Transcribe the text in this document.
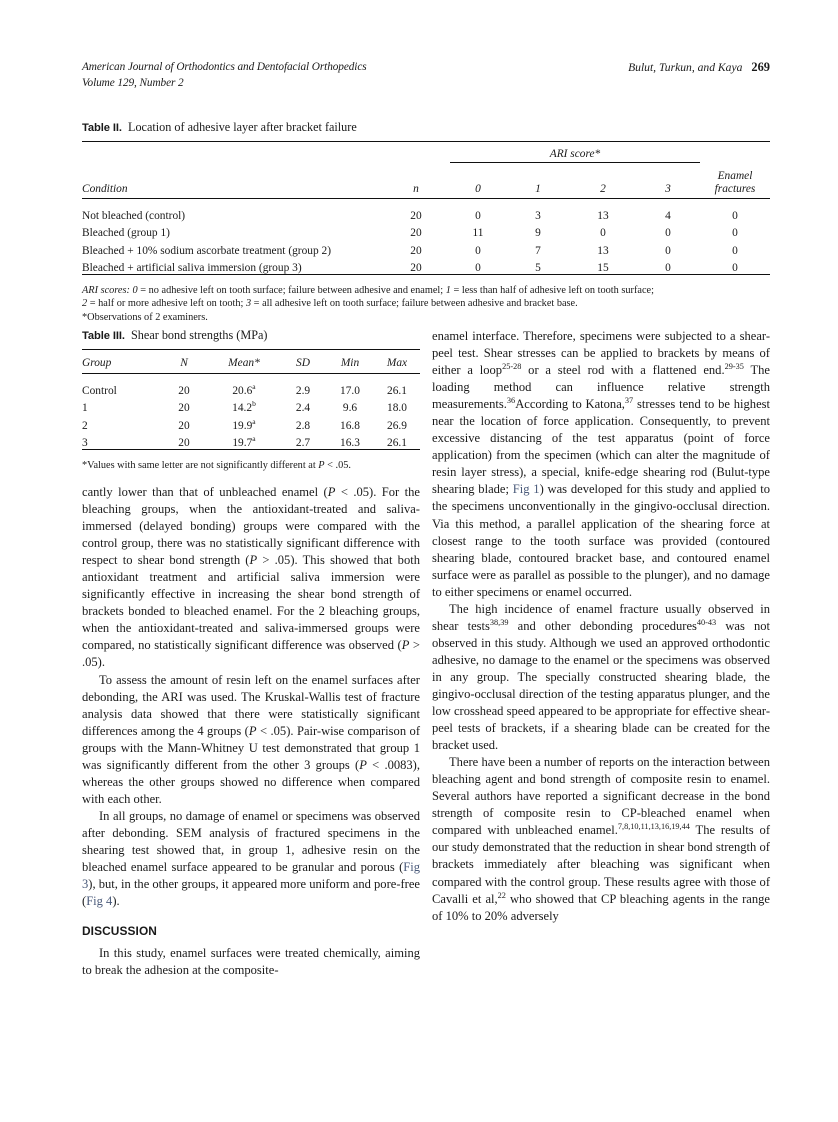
American Journal of Orthodontics and Dentofacial Orthopedics
Volume 129, Number 2
Bulut, Turkun, and Kaya 269
Table II. Location of adhesive layer after bracket failure

		ARI score*				

Condition	n	0	1	2	3	Enamel
fractures

Not bleached (control)	20	0	3	13	4	0
Bleached (group 1)	20	11	9	0	0	0
Bleached + 10% sodium ascorbate treatment (group 2)	20	0	7	13	0	0
Bleached + artificial saliva immersion (group 3)	20	0	5	15	0	0

ARI scores: 0 = no adhesive left on tooth surface; failure between adhesive and enamel; 1 = less than half of adhesive left on tooth surface;
2 = half or more adhesive left on tooth; 3 = all adhesive left on tooth surface; failure between adhesive and bracket base.
*Observations of 2 examiners.
Table III. Shear bond strengths (MPa)

Group	N	Mean*	SD	Min	Max
Control	20	20.6$^a$	2.9	17.0	26.1
1	20	14.2$^b$	2.4	9.6	18.0
2	20	19.9$^a$	2.8	16.8	26.9
3	20	19.7$^a$	2.7	16.3	26.1

*Values with same letter are not significantly different at P < .05.

cantly lower than that of unbleached enamel (P < .05). For the bleaching groups, when the antioxidant-treated and saliva-immersed (delayed bonding) groups were compared with the control group, there was no statistically significant difference with respect to shear bond strength (P > .05). This showed that both antioxidant treatment and artificial saliva immersion were significantly effective in increasing the shear bond strength of brackets bonded to bleached enamel. For the 2 bleaching groups, when the antioxidant-treated and saliva-immersed groups were compared, no statistically significant difference was observed (P > .05).

To assess the amount of resin left on the enamel surfaces after debonding, the ARI was used. The Kruskal-Wallis test of fracture analysis data showed that there were statistically significant differences among the 4 groups (P < .05). Pair-wise comparison of groups with the Mann-Whitney U test demonstrated that group 1 was significantly different from the other 3 groups (P < .0083), whereas the other groups showed no difference when compared with each other.

In all groups, no damage of enamel or specimens was observed after debonding. SEM analysis of fractured specimens in the shearing test showed that, in group 1, adhesive resin on the bleached enamel surface appeared to be granular and porous (Fig 3), but, in the other groups, it appeared more uniform and pore-free (Fig 4).

DISCUSSION

In this study, enamel surfaces were treated chemically, aiming to break the adhesion at the composite-

enamel interface. Therefore, specimens were subjected to a shear-peel test. Shear stresses can be applied to brackets by means of either a loop$^{25-28}$ or a steel rod with a flattened end.$^{29-35}$ The loading method can influence relative strength measurements.$^{36}$According to Katona,$^{37}$ stresses tend to be highest near the location of force application. Consequently, to prevent excessive distancing of the test apparatus (point of force application) from the specimen (which can alter the magnitude of resin layer stress), a special, knife-edge shearing rod (Bulut-type shearing blade; Fig 1) was developed for this study and applied to the specimens unconventionally in the gingivo-occlusal direction. Via this method, a parallel application of the shearing force at closest range to the tooth surface was provided (contoured shearing blade, contoured bracket base, and contoured enamel surface were as parallel as possible to the plunger), and no damage to either specimens or enamel occurred.

The high incidence of enamel fracture usually observed in shear tests$^{38,39}$ and other debonding procedures$^{40-43}$ was not observed in this study. Although we used an approved orthodontic adhesive, no damage to the enamel or the specimens was observed in any group. The specially constructed shearing blade, the gingivo-occlusal direction of the testing apparatus plunger, and the low crosshead speed appeared to be appropriate for effective shear-peel tests of brackets, if a shearing blade can be created for the bracket used.

There have been a number of reports on the interaction between bleaching agent and bond strength of composite resin to enamel. Several authors have reported a significant decrease in the bond strength of composite resin to CP-bleached enamel when compared with unbleached enamel.$^{7,8,10,11,13,16,19,44}$ The results of our study demonstrated that the reduction in shear bond strength of brackets immediately after bleaching was significant when compared with the control group. These results agree with those of Cavalli et al,$^{22}$ who showed that CP bleaching agents in the range of 10% to 20% adversely
